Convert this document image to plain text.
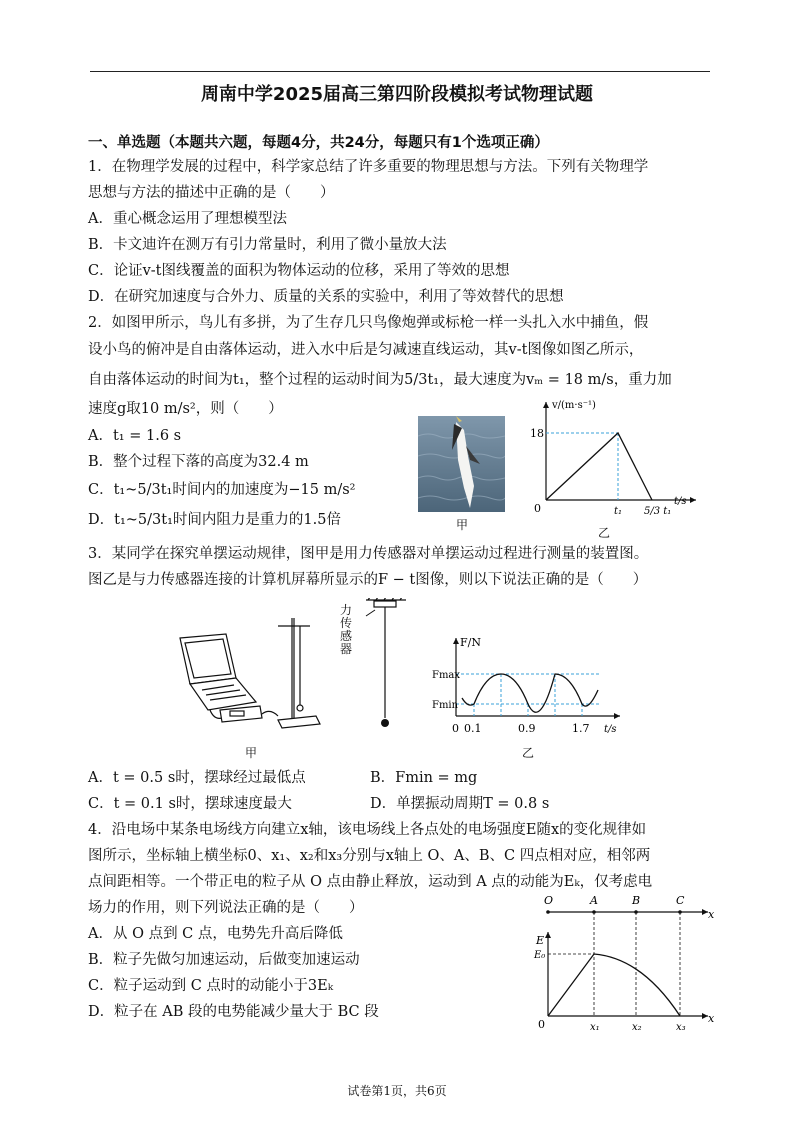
周南中学2025届高三第四阶段模拟考试物理试题
一、单选题（本题共六题，每题4分，共24分，每题只有1个选项正确）
1．在物理学发展的过程中，科学家总结了许多重要的物理思想与方法。下列有关物理学
思想与方法的描述中正确的是（　　）
A．重心概念运用了理想模型法
B．卡文迪许在测万有引力常量时，利用了微小量放大法
C．论证v-t图线覆盖的面积为物体运动的位移，采用了等效的思想
D．在研究加速度与合外力、质量的关系的实验中，利用了等效替代的思想
2．如图甲所示，鸟儿有多拼，为了生存几只鸟像炮弹或标枪一样一头扎入水中捕鱼，假
设小鸟的俯冲是自由落体运动，进入水中后是匀减速直线运动，其v-t图像如图乙所示，
自由落体运动的时间为t₁，整个过程的运动时间为5/3t₁，最大速度为vₘ = 18 m/s，重力加
速度g取10 m/s²，则（　　）
A．t₁ = 1.6 s
B．整个过程下落的高度为32.4 m
C．t₁~5/3t₁时间内的加速度为−15 m/s²
D．t₁~5/3t₁时间内阻力是重力的1.5倍	甲
v/(m·s⁻¹)
18
0	t₁ 5/3 t₁
t/s
乙
3．某同学在探究单摆运动规律，图甲是用力传感器对单摆运动过程进行测量的装置图。
图乙是与力传感器连接的计算机屏幕所显示的F − t图像，则以下说法正确的是（　　）
力传感器
甲
F/N
Fmax
Fmin
0 0.1	0.9	1.7 t/s
乙
A．t = 0.5 s时，摆球经过最低点	B．Fmin = mg
C．t = 0.1 s时，摆球速度最大	D．单摆振动周期T = 0.8 s
4．沿电场中某条电场线方向建立x轴，该电场线上各点处的电场强度E随x的变化规律如
图所示，坐标轴上横坐标0、x₁、x₂和x₃分别与x轴上 O、A、B、C 四点相对应，相邻两
点间距相等。一个带正电的粒子从 O 点由静止释放，运动到 A 点的动能为Eₖ，仅考虑电
场力的作用，则下列说法正确的是（　　）
A．从 O 点到 C 点，电势先升高后降低
B．粒子先做匀加速运动，后做变加速运动
C．粒子运动到 C 点时的动能小于3Eₖ
D．粒子在 AB 段的电势能减少量大于 BC 段
O	A	B	C
x
E
E₀
0	x₁	x₂	x₃
x
试卷第1页，共6页
